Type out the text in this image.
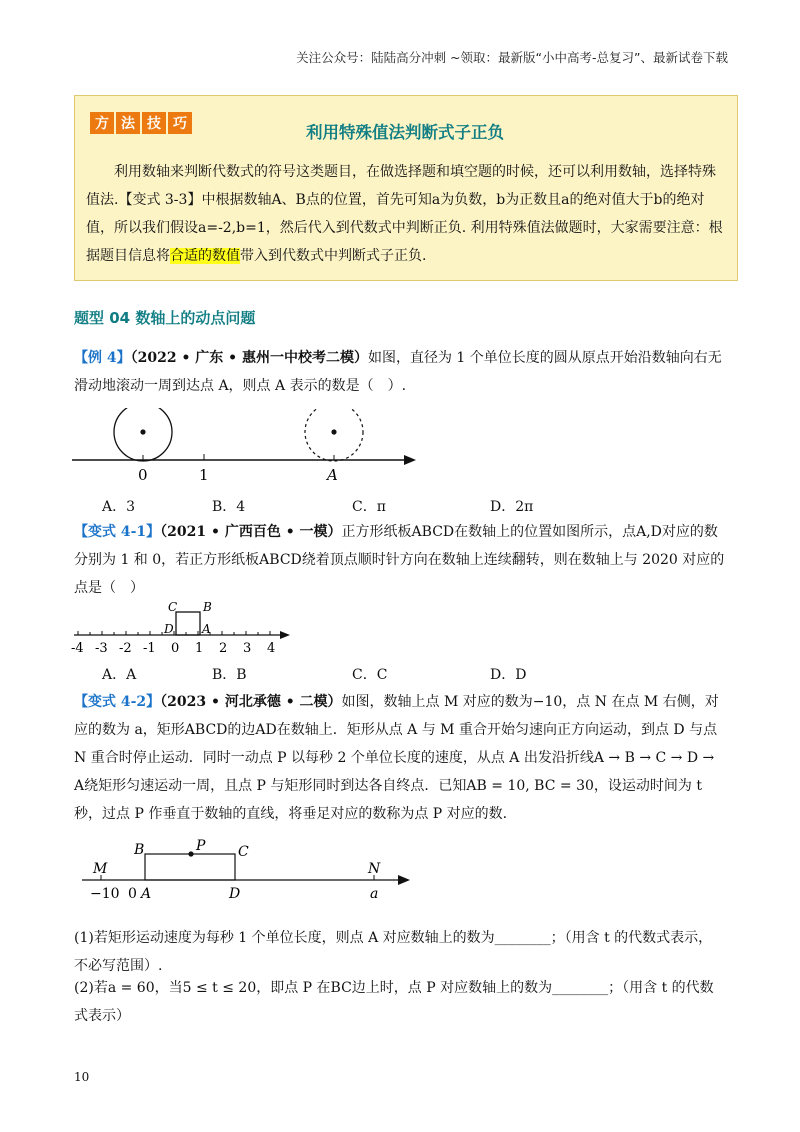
关注公众号：陆陆高分冲刺 ~领取：最新版“小中高考-总复习”、最新试卷下载
方 法 技 巧	利用特殊值法判断式子正负
利用数轴来判断代数式的符号这类题目，在做选择题和填空题的时候，还可以利用数轴，选择特殊值法.【变式 3-3】中根据数轴A、B点的位置，首先可知a为负数，b为正数且a的绝对值大于b的绝对值，所以我们假设a=-2,b=1，然后代入到代数式中判断正负. 利用特殊值法做题时，大家需要注意：根据题目信息将合适的数值带入到代数式中判断式子正负.
题型 04 数轴上的动点问题
【例 4】（2022 • 广东 • 惠州一中校考二模）如图，直径为 1 个单位长度的圆从原点开始沿数轴向右无滑动地滚动一周到达点 A，则点 A 表示的数是（　）.
0	1	A
A．3	B．4	C．π	D．2π
【变式 4-1】（2021 • 广西百色 • 一模）正方形纸板ABCD在数轴上的位置如图所示，点A,D对应的数分别为 1 和 0，若正方形纸板ABCD绕着顶点顺时针方向在数轴上连续翻转，则在数轴上与 2020 对应的点是（　）
C B
D A
-4 -3 -2 -1 0 1 2 3 4
A．A	B．B	C．C	D．D
【变式 4-2】（2023 • 河北承德 • 二模）如图，数轴上点 M 对应的数为−10，点 N 在点 M 右侧，对应的数为 a，矩形ABCD的边AD在数轴上．矩形从点 A 与 M 重合开始匀速向正方向运动，到点 D 与点 N 重合时停止运动．同时一动点 P 以每秒 2 个单位长度的速度，从点 A 出发沿折线A → B → C → D → A绕矩形匀速运动一周，且点 P 与矩形同时到达各自终点．已知AB = 10, BC = 30，设运动时间为 t 秒，过点 P 作垂直于数轴的直线，将垂足对应的数称为点 P 对应的数.
B	P C
M	N
−10 0 A	D	a
(1)若矩形运动速度为每秒 1 个单位长度，则点 A 对应数轴上的数为________；（用含 t 的代数式表示，不必写范围）.
(2)若a = 60，当5 ≤ t ≤ 20，即点 P 在BC边上时，点 P 对应数轴上的数为________；（用含 t 的代数式表示）
10
